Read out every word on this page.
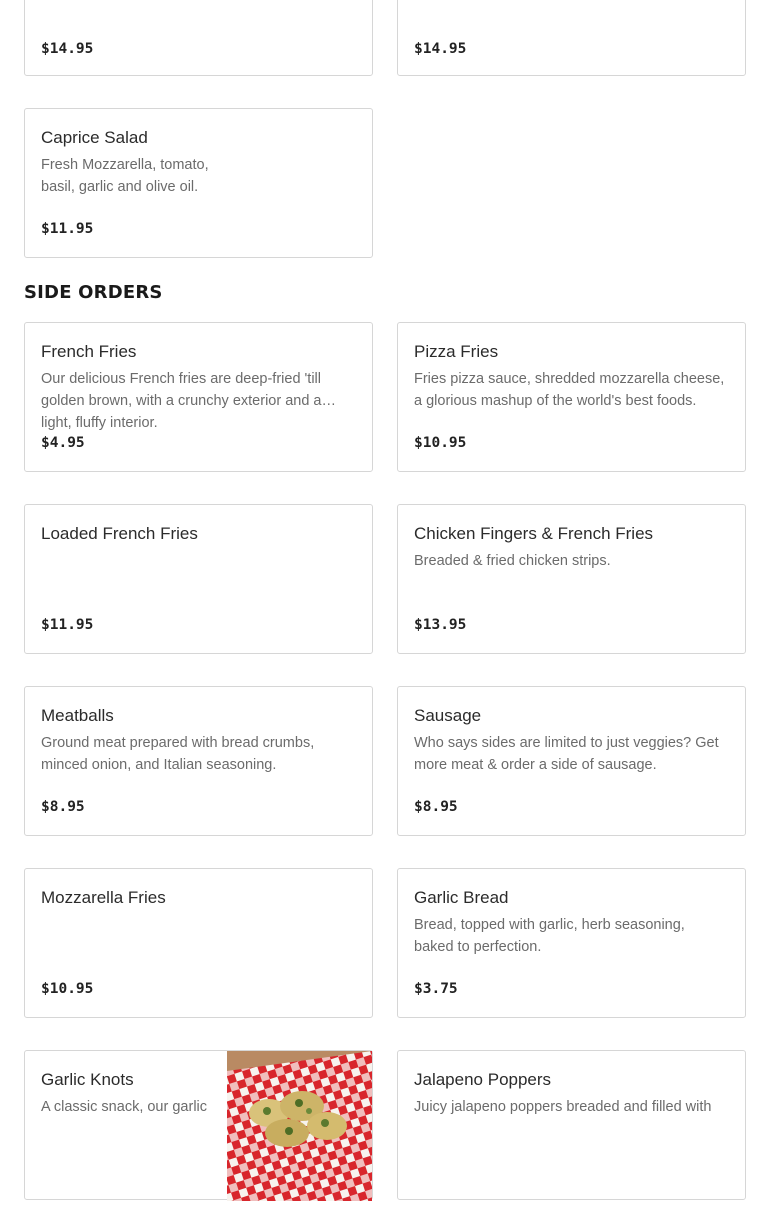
$14.95	$14.95
Caprice Salad
Fresh Mozzarella, tomato, basil, garlic and olive oil.
$11.95
SIDE ORDERS
French Fries
Our delicious French fries are deep-fried 'till golden brown, with a crunchy exterior and a light, fluffy interior.
$4.95
Pizza Fries
Fries pizza sauce, shredded mozzarella cheese, a glorious mashup of the world's best foods.
$10.95
Loaded French Fries
$11.95
Chicken Fingers & French Fries
Breaded & fried chicken strips.
$13.95
Meatballs
Ground meat prepared with bread crumbs, minced onion, and Italian seasoning.
$8.95
Sausage
Who says sides are limited to just veggies? Get more meat & order a side of sausage.
$8.95
Mozzarella Fries
$10.95
Garlic Bread
Bread, topped with garlic, herb seasoning, baked to perfection.
$3.75
Garlic Knots
A classic snack, our garlic
Jalapeno Poppers
Juicy jalapeno poppers breaded and filled with
